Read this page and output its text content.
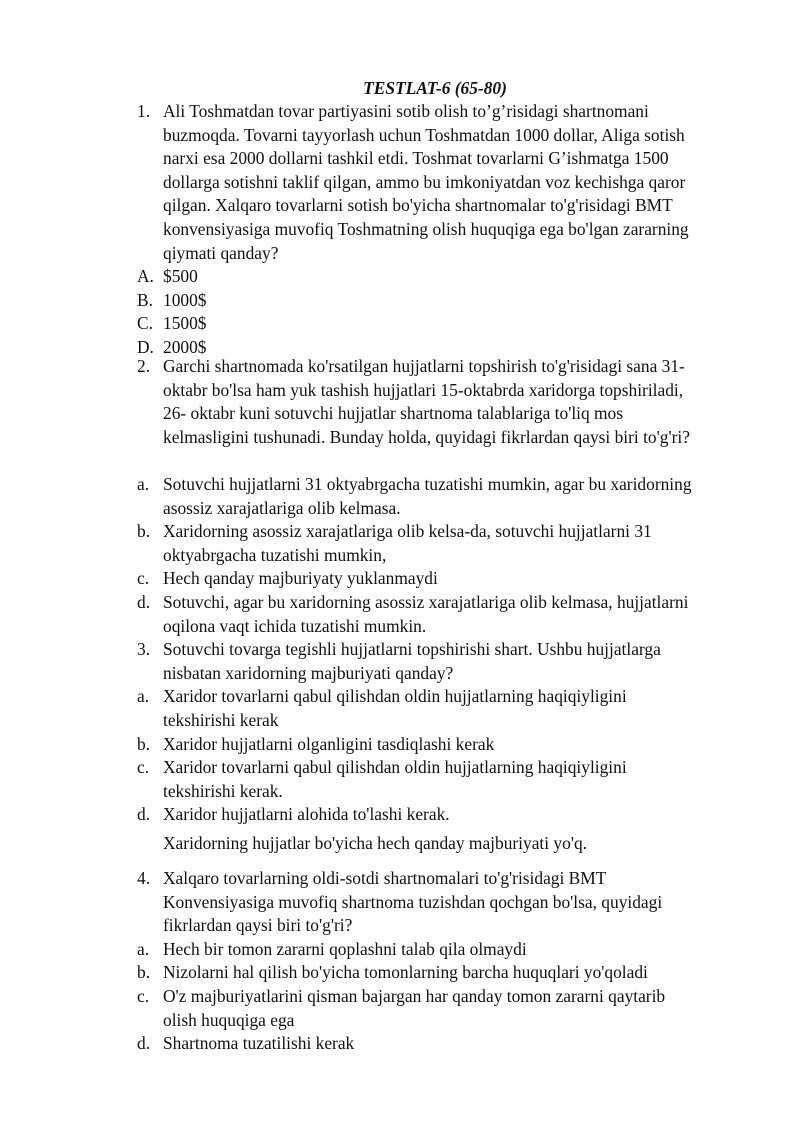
TESTLAT-6 (65-80)
1. Ali Toshmatdan tovar partiyasini sotib olish to’g’risidagi shartnomani
buzmoqda. Tovarni tayyorlash uchun Toshmatdan 1000 dollar, Aliga sotish
narxi esa 2000 dollarni tashkil etdi. Toshmat tovarlarni G’ishmatga 1500
dollarga sotishni taklif qilgan, ammo bu imkoniyatdan voz kechishga qaror
qilgan. Xalqaro tovarlarni sotish bo'yicha shartnomalar to'g'risidagi BMT
konvensiyasiga muvofiq Toshmatning olish huquqiga ega bo'lgan zararning
qiymati qanday?
A. $500
B. 1000$
C. 1500$
D. 2000$
2. Garchi shartnomada ko'rsatilgan hujjatlarni topshirish to'g'risidagi sana 31-
oktabr bo'lsa ham yuk tashish hujjatlari 15-oktabrda xaridorga topshiriladi,
26- oktabr kuni sotuvchi hujjatlar shartnoma talablariga to'liq mos
kelmasligini tushunadi. Bunday holda, quyidagi fikrlardan qaysi biri to'g'ri?
a. Sotuvchi hujjatlarni 31 oktyabrgacha tuzatishi mumkin, agar bu xaridorning
asossiz xarajatlariga olib kelmasa.
b. Xaridorning asossiz xarajatlariga olib kelsa-da, sotuvchi hujjatlarni 31
oktyabrgacha tuzatishi mumkin,
c. Hech qanday majburiyaty yuklanmaydi
d. Sotuvchi, agar bu xaridorning asossiz xarajatlariga olib kelmasa, hujjatlarni
oqilona vaqt ichida tuzatishi mumkin.
3. Sotuvchi tovarga tegishli hujjatlarni topshirishi shart. Ushbu hujjatlarga
nisbatan xaridorning majburiyati qanday?
a. Xaridor tovarlarni qabul qilishdan oldin hujjatlarning haqiqiyligini
tekshirishi kerak
b. Xaridor hujjatlarni olganligini tasdiqlashi kerak
c. Xaridor tovarlarni qabul qilishdan oldin hujjatlarning haqiqiyligini
tekshirishi kerak.
d. Xaridor hujjatlarni alohida to'lashi kerak.
Xaridorning hujjatlar bo'yicha hech qanday majburiyati yo'q.
4. Xalqaro tovarlarning oldi-sotdi shartnomalari to'g'risidagi BMT
Konvensiyasiga muvofiq shartnoma tuzishdan qochgan bo'lsa, quyidagi
fikrlardan qaysi biri to'g'ri?
a. Hech bir tomon zararni qoplashni talab qila olmaydi
b. Nizolarni hal qilish bo'yicha tomonlarning barcha huquqlari yo'qoladi
c. O'z majburiyatlarini qisman bajargan har qanday tomon zararni qaytarib
olish huquqiga ega
d. Shartnoma tuzatilishi kerak
